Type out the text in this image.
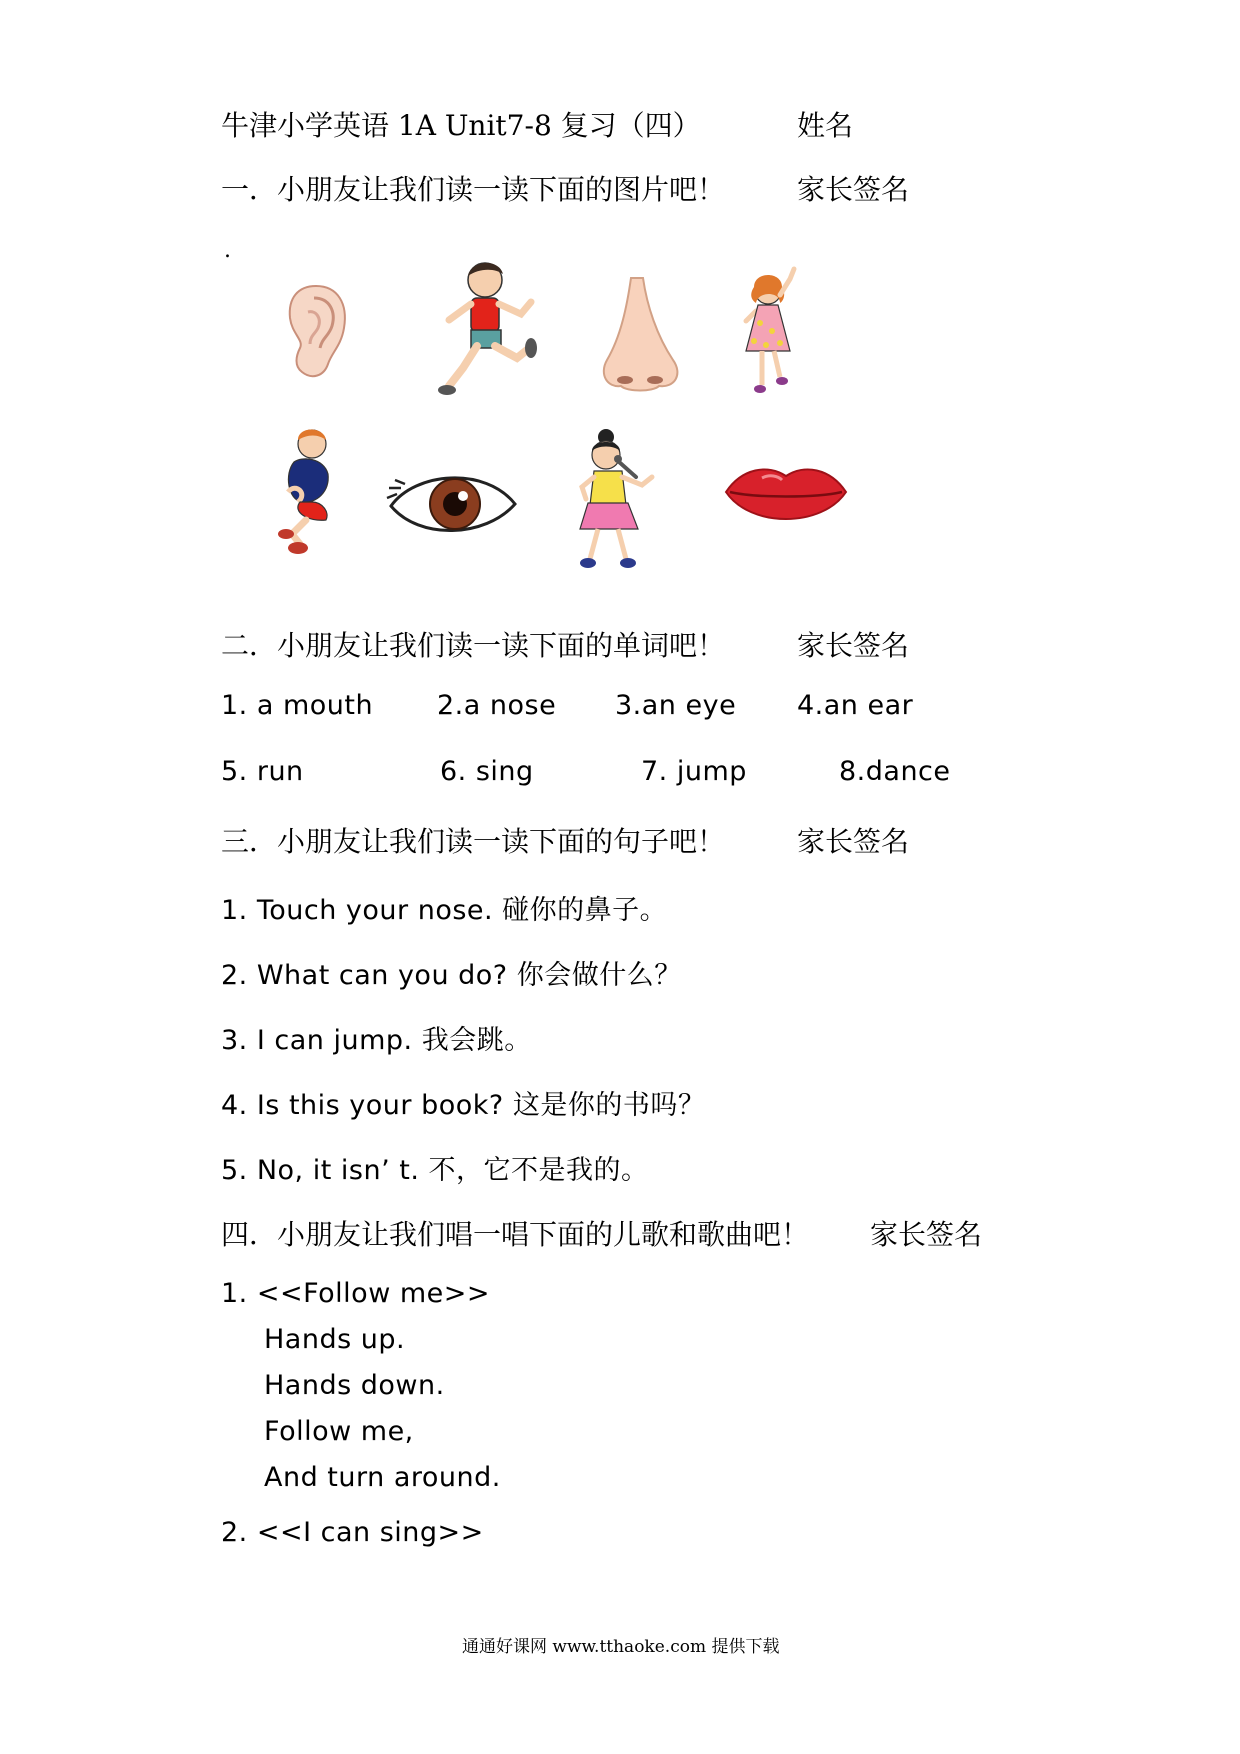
牛津小学英语 1A Unit7-8 复习（四）	姓名
一．小朋友让我们读一读下面的图片吧！	家长签名
.
二．小朋友让我们读一读下面的单词吧！	家长签名
1. a mouth 2.a nose 3.an eye 4.an ear
5. run	6. sing	7. jump	8.dance
三．小朋友让我们读一读下面的句子吧！	家长签名
1. Touch your nose. 碰你的鼻子。
2. What can you do? 你会做什么？
3. I can jump. 我会跳。
4. Is this your book? 这是你的书吗？
5. No, it isn’ t. 不，它不是我的。
四．小朋友让我们唱一唱下面的儿歌和歌曲吧！ 家长签名
1. <<Follow me>>
Hands up.
Hands down.
Follow me,
And turn around.
2. <<I can sing>>
通通好课网 www.tthaoke.com 提供下载
